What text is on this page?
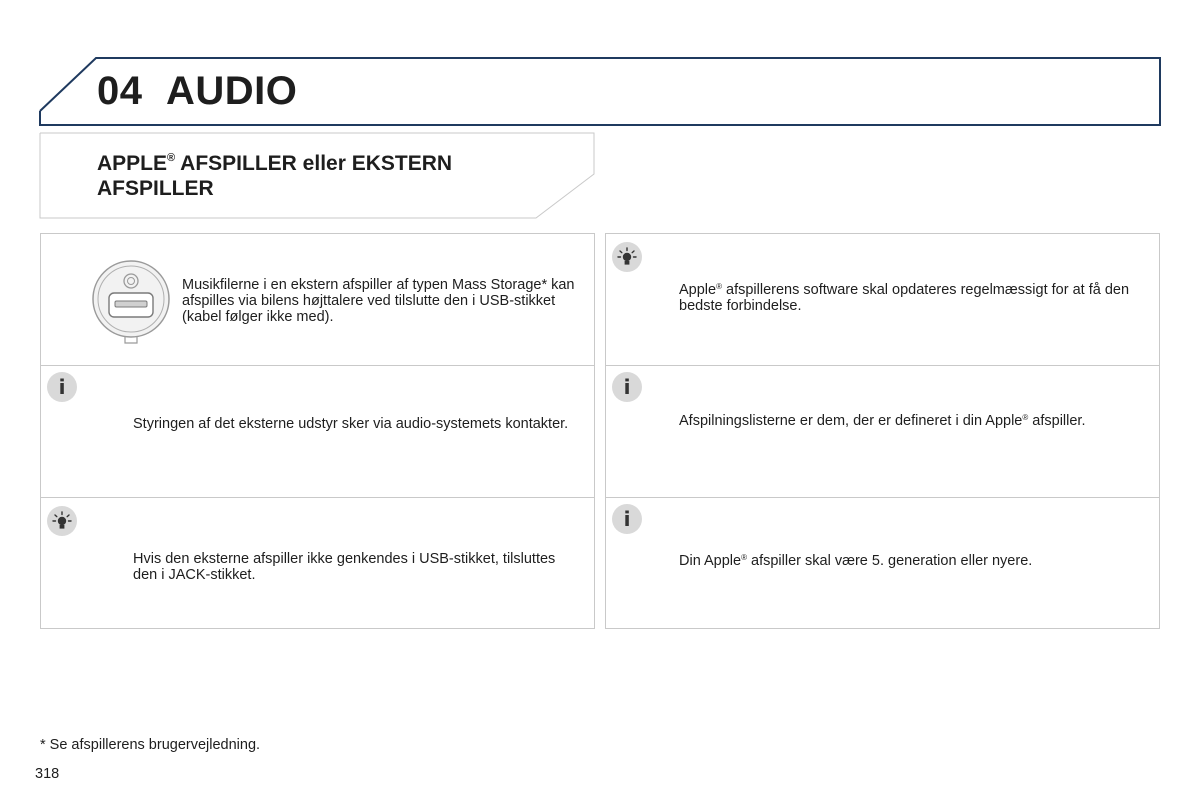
04 AUDIO
APPLE® AFSPILLER eller EKSTERN AFSPILLER
Musikfilerne i en ekstern afspiller af typen Mass Storage* kan afspilles via bilens højttalere ved tilslutte den i USB-stikket (kabel følger ikke med).
i
Styringen af det eksterne udstyr sker via audio-systemets kontakter.
Hvis den eksterne afspiller ikke genkendes i USB-stikket, tilsluttes den i JACK-stikket.
Apple® afspillerens software skal opdateres regelmæssigt for at få den bedste forbindelse.
i
Afspilningslisterne er dem, der er defineret i din Apple® afspiller.
i
Din Apple® afspiller skal være 5. generation eller nyere.
* Se afspillerens brugervejledning.
318
